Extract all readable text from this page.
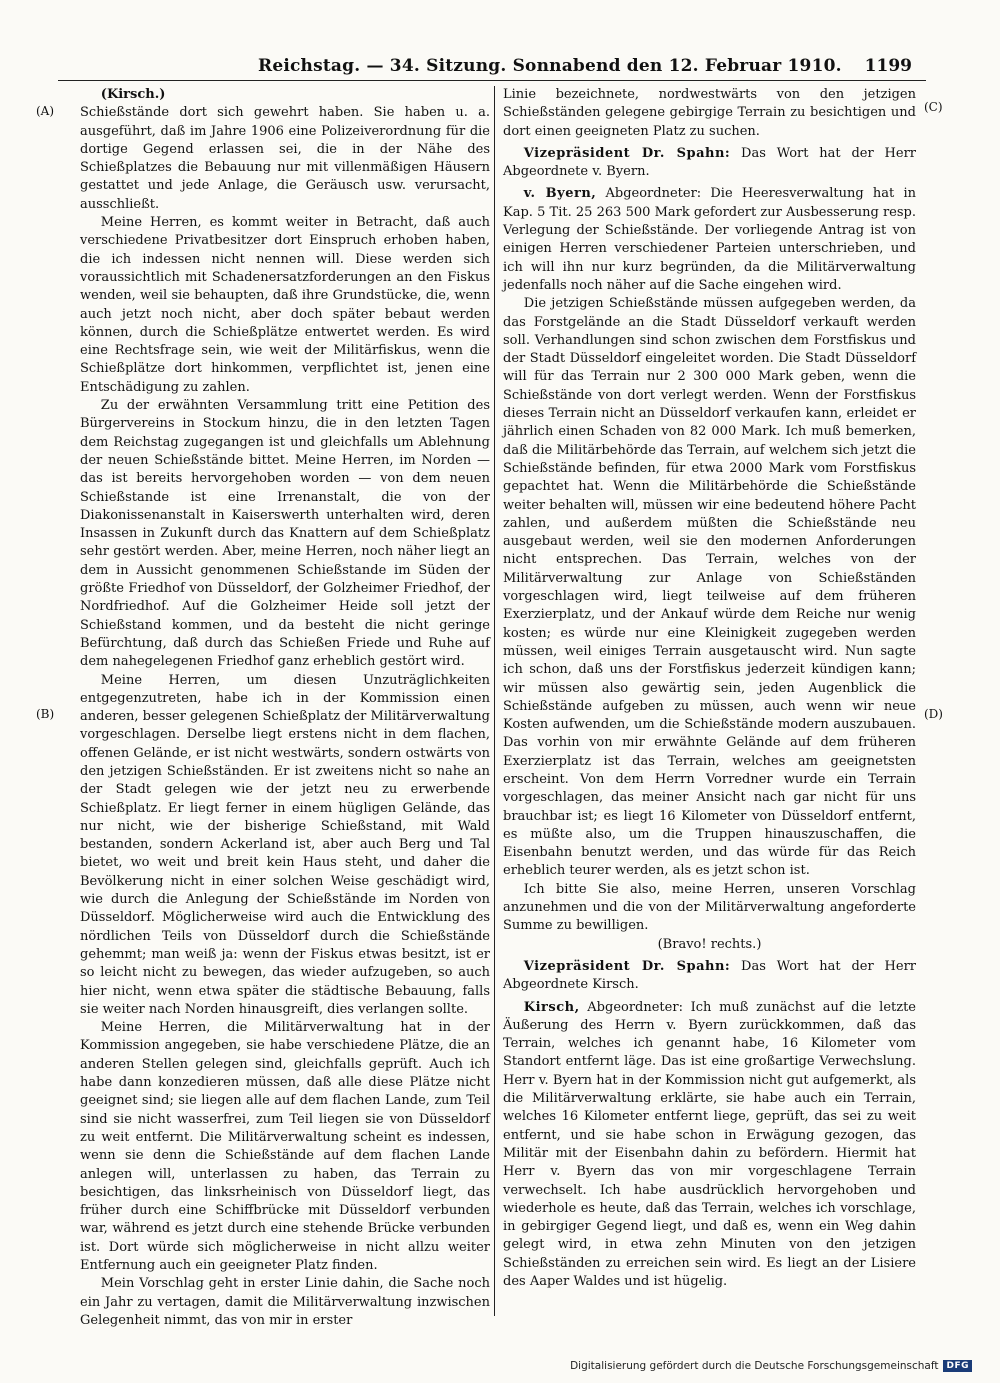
Reichstag. — 34. Sitzung. Sonnabend den 12. Februar 1910. 1199
(A)
(B)
(C)
(D)

(Kirsch.)

Schießstände dort sich gewehrt haben. Sie haben u. a. ausgeführt, daß im Jahre 1906 eine Polizeiverordnung für die dortige Gegend erlassen sei, die in der Nähe des Schießplatzes die Bebauung nur mit villenmäßigen Häusern gestattet und jede Anlage, die Geräusch usw. verursacht, ausschließt.

Meine Herren, es kommt weiter in Betracht, daß auch verschiedene Privatbesitzer dort Einspruch erhoben haben, die ich indessen nicht nennen will. Diese werden sich voraussichtlich mit Schadenersatzforderungen an den Fiskus wenden, weil sie behaupten, daß ihre Grundstücke, die, wenn auch jetzt noch nicht, aber doch später bebaut werden können, durch die Schießplätze entwertet werden. Es wird eine Rechtsfrage sein, wie weit der Militärfiskus, wenn die Schießplätze dort hinkommen, verpflichtet ist, jenen eine Entschädigung zu zahlen.

Zu der erwähnten Versammlung tritt eine Petition des Bürgervereins in Stockum hinzu, die in den letzten Tagen dem Reichstag zugegangen ist und gleichfalls um Ablehnung der neuen Schießstände bittet. Meine Herren, im Norden — das ist bereits hervorgehoben worden — von dem neuen Schießstande ist eine Irrenanstalt, die von der Diakonissenanstalt in Kaiserswerth unterhalten wird, deren Insassen in Zukunft durch das Knattern auf dem Schießplatz sehr gestört werden. Aber, meine Herren, noch näher liegt an dem in Aussicht genommenen Schießstande im Süden der größte Friedhof von Düsseldorf, der Golzheimer Friedhof, der Nordfriedhof. Auf die Golzheimer Heide soll jetzt der Schießstand kommen, und da besteht die nicht geringe Befürchtung, daß durch das Schießen Friede und Ruhe auf dem nahegelegenen Friedhof ganz erheblich gestört wird.

Meine Herren, um diesen Unzuträglichkeiten entgegenzutreten, habe ich in der Kommission einen anderen, besser gelegenen Schießplatz der Militärverwaltung vorgeschlagen. Derselbe liegt erstens nicht in dem flachen, offenen Gelände, er ist nicht westwärts, sondern ostwärts von den jetzigen Schießständen. Er ist zweitens nicht so nahe an der Stadt gelegen wie der jetzt neu zu erwerbende Schießplatz. Er liegt ferner in einem hügligen Gelände, das nur nicht, wie der bisherige Schießstand, mit Wald bestanden, sondern Ackerland ist, aber auch Berg und Tal bietet, wo weit und breit kein Haus steht, und daher die Bevölkerung nicht in einer solchen Weise geschädigt wird, wie durch die Anlegung der Schießstände im Norden von Düsseldorf. Möglicherweise wird auch die Entwicklung des nördlichen Teils von Düsseldorf durch die Schießstände gehemmt; man weiß ja: wenn der Fiskus etwas besitzt, ist er so leicht nicht zu bewegen, das wieder aufzugeben, so auch hier nicht, wenn etwa später die städtische Bebauung, falls sie weiter nach Norden hinausgreift, dies verlangen sollte.

Meine Herren, die Militärverwaltung hat in der Kommission angegeben, sie habe verschiedene Plätze, die an anderen Stellen gelegen sind, gleichfalls geprüft. Auch ich habe dann konzedieren müssen, daß alle diese Plätze nicht geeignet sind; sie liegen alle auf dem flachen Lande, zum Teil sind sie nicht wasserfrei, zum Teil liegen sie von Düsseldorf zu weit entfernt. Die Militärverwaltung scheint es indessen, wenn sie denn die Schießstände auf dem flachen Lande anlegen will, unterlassen zu haben, das Terrain zu besichtigen, das linksrheinisch von Düsseldorf liegt, das früher durch eine Schiffbrücke mit Düsseldorf verbunden war, während es jetzt durch eine stehende Brücke verbunden ist. Dort würde sich möglicherweise in nicht allzu weiter Entfernung auch ein geeigneter Platz finden.

Mein Vorschlag geht in erster Linie dahin, die Sache noch ein Jahr zu vertagen, damit die Militärverwaltung inzwischen Gelegenheit nimmt, das von mir in erster

Linie bezeichnete, nordwestwärts von den jetzigen Schießständen gelegene gebirgige Terrain zu besichtigen und dort einen geeigneten Platz zu suchen.

Vizepräsident Dr. Spahn: Das Wort hat der Herr Abgeordnete v. Byern.

v. Byern, Abgeordneter: Die Heeresverwaltung hat in Kap. 5 Tit. 25 263 500 Mark gefordert zur Ausbesserung resp. Verlegung der Schießstände. Der vorliegende Antrag ist von einigen Herren verschiedener Parteien unterschrieben, und ich will ihn nur kurz begründen, da die Militärverwaltung jedenfalls noch näher auf die Sache eingehen wird.

Die jetzigen Schießstände müssen aufgegeben werden, da das Forstgelände an die Stadt Düsseldorf verkauft werden soll. Verhandlungen sind schon zwischen dem Forstfiskus und der Stadt Düsseldorf eingeleitet worden. Die Stadt Düsseldorf will für das Terrain nur 2 300 000 Mark geben, wenn die Schießstände von dort verlegt werden. Wenn der Forstfiskus dieses Terrain nicht an Düsseldorf verkaufen kann, erleidet er jährlich einen Schaden von 82 000 Mark. Ich muß bemerken, daß die Militärbehörde das Terrain, auf welchem sich jetzt die Schießstände befinden, für etwa 2000 Mark vom Forstfiskus gepachtet hat. Wenn die Militärbehörde die Schießstände weiter behalten will, müssen wir eine bedeutend höhere Pacht zahlen, und außerdem müßten die Schießstände neu ausgebaut werden, weil sie den modernen Anforderungen nicht entsprechen. Das Terrain, welches von der Militärverwaltung zur Anlage von Schießständen vorgeschlagen wird, liegt teilweise auf dem früheren Exerzierplatz, und der Ankauf würde dem Reiche nur wenig kosten; es würde nur eine Kleinigkeit zugegeben werden müssen, weil einiges Terrain ausgetauscht wird. Nun sagte ich schon, daß uns der Forstfiskus jederzeit kündigen kann; wir müssen also gewärtig sein, jeden Augenblick die Schießstände aufgeben zu müssen, auch wenn wir neue Kosten aufwenden, um die Schießstände modern auszubauen. Das vorhin von mir erwähnte Gelände auf dem früheren Exerzierplatz ist das Terrain, welches am geeignetsten erscheint. Von dem Herrn Vorredner wurde ein Terrain vorgeschlagen, das meiner Ansicht nach gar nicht für uns brauchbar ist; es liegt 16 Kilometer von Düsseldorf entfernt, es müßte also, um die Truppen hinauszuschaffen, die Eisenbahn benutzt werden, und das würde für das Reich erheblich teurer werden, als es jetzt schon ist.

Ich bitte Sie also, meine Herren, unseren Vorschlag anzunehmen und die von der Militärverwaltung angeforderte Summe zu bewilligen.

(Bravo! rechts.)

Vizepräsident Dr. Spahn: Das Wort hat der Herr Abgeordnete Kirsch.

Kirsch, Abgeordneter: Ich muß zunächst auf die letzte Äußerung des Herrn v. Byern zurückkommen, daß das Terrain, welches ich genannt habe, 16 Kilometer vom Standort entfernt läge. Das ist eine großartige Verwechslung. Herr v. Byern hat in der Kommission nicht gut aufgemerkt, als die Militärverwaltung erklärte, sie habe auch ein Terrain, welches 16 Kilometer entfernt liege, geprüft, das sei zu weit entfernt, und sie habe schon in Erwägung gezogen, das Militär mit der Eisenbahn dahin zu befördern. Hiermit hat Herr v. Byern das von mir vorgeschlagene Terrain verwechselt. Ich habe ausdrücklich hervorgehoben und wiederhole es heute, daß das Terrain, welches ich vorschlage, in gebirgiger Gegend liegt, und daß es, wenn ein Weg dahin gelegt wird, in etwa zehn Minuten von den jetzigen Schießständen zu erreichen sein wird. Es liegt an der Lisiere des Aaper Waldes und ist hügelig.

Digitalisierung gefördert durch die Deutsche Forschungsgemeinschaft DFG
